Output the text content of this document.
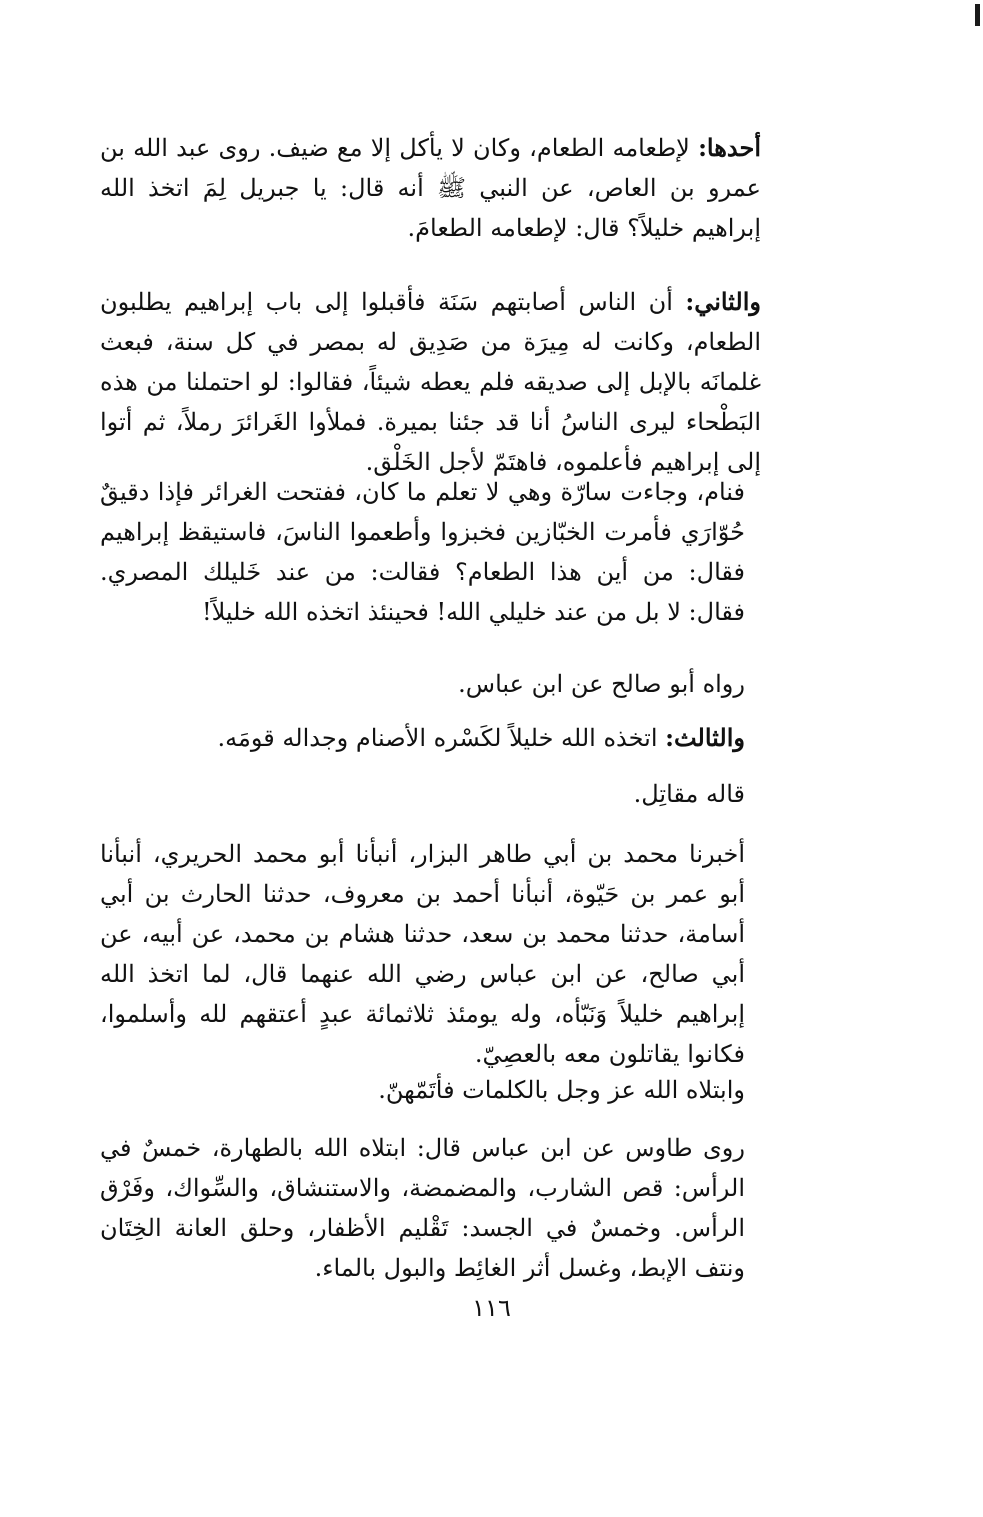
أحدها: لإطعامه الطعام، وكان لا يأكل إلا مع ضيف. روى عبد الله بن عمرو بن العاص، عن النبي ﷺ أنه قال: يا جبريل لِمَ اتخذ الله إبراهيم خليلاً؟ قال: لإطعامه الطعامَ.

والثاني: أن الناس أصابتهم سَنَة فأقبلوا إلى باب إبراهيم يطلبون الطعام، وكانت له مِيرَة من صَدِيق له بمصر في كل سنة، فبعث غلمانَه بالإبل إلى صديقه فلم يعطه شيئاً، فقالوا: لو احتملنا من هذه البَطْحاء ليرى الناسُ أنا قد جئنا بميرة. فملأوا الغَرائرَ رملاً، ثم أتوا إلى إبراهيم فأعلموه، فاهتَمّ لأجل الخَلْق.

فنام، وجاءت سارّة وهي لا تعلم ما كان، ففتحت الغرائر فإذا دقيقٌ حُوّارَي فأمرت الخبّازين فخبزوا وأطعموا الناسَ، فاستيقظ إبراهيم فقال: من أين هذا الطعام؟ فقالت: من عند خَليلك المصري. فقال: لا بل من عند خليلي الله! فحينئذ اتخذه الله خليلاً!

رواه أبو صالح عن ابن عباس.

والثالث: اتخذه الله خليلاً لكَسْره الأصنام وجداله قومَه.

قاله مقاتِل.

أخبرنا محمد بن أبي طاهر البزار، أنبأنا أبو محمد الحريري، أنبأنا أبو عمر بن حَيّوة، أنبأنا أحمد بن معروف، حدثنا الحارث بن أبي أسامة، حدثنا محمد بن سعد، حدثنا هشام بن محمد، عن أبيه، عن أبي صالح، عن ابن عباس رضي الله عنهما قال، لما اتخذ الله إبراهيم خليلاً وَنَبّأه، وله يومئذ ثلاثمائة عبدٍ أعتقهم لله وأسلموا، فكانوا يقاتلون معه بالعصِيّ.

وابتلاه الله عز وجل بالكلمات فأتَمّهنّ.

روى طاوس عن ابن عباس قال: ابتلاه الله بالطهارة، خمسٌ في الرأس: قص الشارب، والمضمضة، والاستنشاق، والسِّواك، وفَرْق الرأس. وخمسٌ في الجسد: تَقْليم الأظفار، وحلق العانة الخِتَان ونتف الإبط، وغسل أثر الغائِط والبول بالماء.

١١٦
